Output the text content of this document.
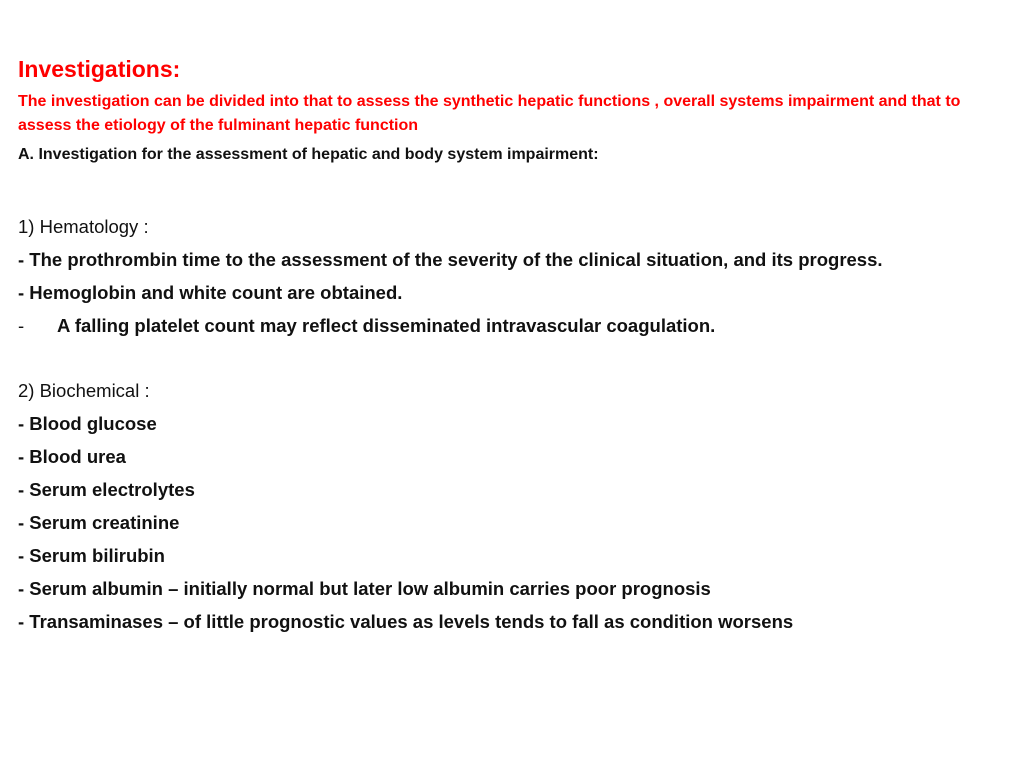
Investigations:

The investigation can be divided into that to assess the synthetic hepatic functions , overall systems impairment and that to assess the etiology of the fulminant hepatic function

A. Investigation for the assessment of hepatic and body system impairment:

1) Hematology :
- The prothrombin time to the assessment of the severity of the clinical situation, and its progress.
- Hemoglobin and white count are obtained.
- A falling platelet count may reflect disseminated intravascular coagulation.
2) Biochemical :
- Blood glucose
- Blood urea
- Serum electrolytes
- Serum creatinine
- Serum bilirubin
- Serum albumin – initially normal but later low albumin carries poor prognosis
- Transaminases – of little prognostic values as levels tends to fall as condition worsens
